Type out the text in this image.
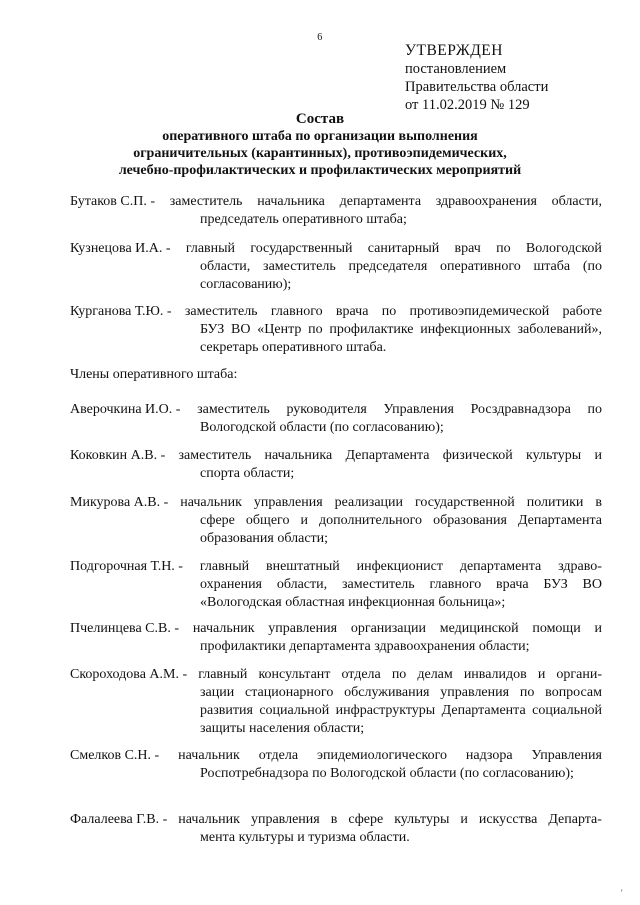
6
УТВЕРЖДЕН
постановлением
Правительства области
от 11.02.2019 № 129
Состав
оперативного штаба по организации выполнения
ограничительных (карантинных), противоэпидемических,
лечебно-профилактических и профилактических мероприятий
Бутаков С.П. - заместитель начальника департамента здравоохранения области,
председатель оперативного штаба;
Кузнецова И.А. - главный государственный санитарный врач по Вологодской
области, заместитель председателя оперативного штаба (по согласованию);
Курганова Т.Ю. - заместитель главного врача по противоэпидемической работе
БУЗ ВО «Центр по профилактике инфекционных заболеваний», секретарь оперативного штаба.
Члены оперативного штаба:
Аверочкина И.О. - заместитель руководителя Управления Росздравнадзора по
Вологодской области (по согласованию);
Коковкин А.В. - заместитель начальника Департамента физической культуры и
спорта области;
Микурова А.В. - начальник управления реализации государственной политики в
сфере общего и дополнительного образования Департамента образования области;
Подгорочная Т.Н. - главный внештатный инфекционист департамента здраво-
охранения области, заместитель главного врача БУЗ ВО «Вологодская областная инфекционная больница»;
Пчелинцева С.В. - начальник управления организации медицинской помощи и
профилактики департамента здравоохранения области;
Скороходова А.М. - главный консультант отдела по делам инвалидов и органи-
зации стационарного обслуживания управления по вопросам развития социальной инфраструктуры Департамента социальной защиты населения области;
Смелков С.Н. - начальник отдела эпидемиологического надзора Управления
Роспотребнадзора по Вологодской области (по согласованию);
Фалалеева Г.В. - начальник управления в сфере культуры и искусства Департа-
мента культуры и туризма области.
'
